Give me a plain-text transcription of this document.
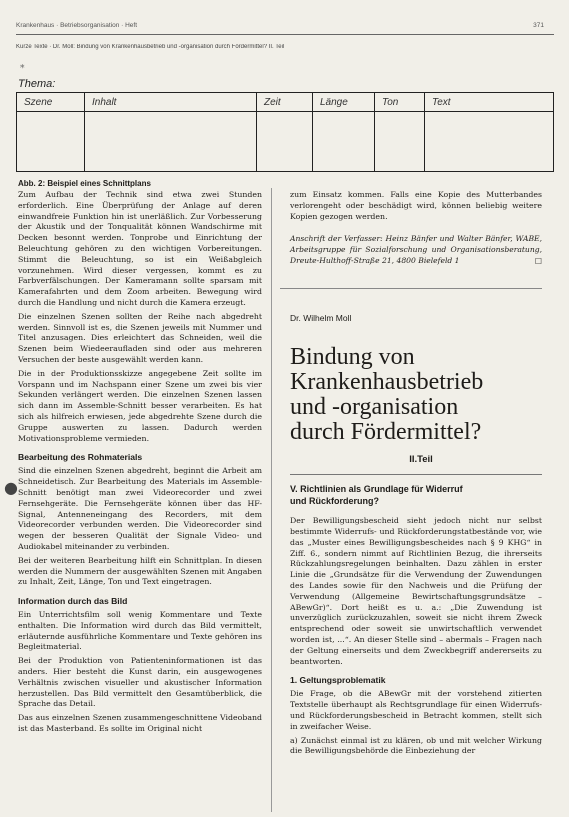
Krankenhaus · Betriebsorganisation · Heft	371
Kurze Texte · Dr. Moll: Bindung von Krankenhausbetrieb und -organisation durch Fördermittel? II. Teil
*
Thema:
Szene	Inhalt	Zeit	Länge	Ton	Text

Abb. 2: Beispiel eines Schnittplans

Zum Aufbau der Technik sind etwa zwei Stunden erforderlich. Eine Überprüfung der Anlage auf deren einwandfreie Funktion hin ist unerläßlich. Zur Vorbesserung der Akustik und der Tonqualität können Wandschirme mit Decken besonnt werden. Tonprobe und Einrichtung der Beleuchtung gehören zu den wichtigen Vorbereitungen. Stimmt die Beleuchtung, so ist ein Weißabgleich vorzunehmen. Wird dieser vergessen, kommt es zu Farbverfälschungen. Der Kameramann sollte sparsam mit Kamerafahrten und dem Zoom arbeiten. Bewegung wird durch die Handlung und nicht durch die Kamera erzeugt.

Die einzelnen Szenen sollten der Reihe nach abgedreht werden. Sinnvoll ist es, die Szenen jeweils mit Nummer und Titel anzusagen. Dies erleichtert das Schneiden, weil die Szenen beim Wiedeeraufladen sind oder aus mehreren Versuchen der beste ausgewählt werden kann.

Die in der Produktionsskizze angegebene Zeit sollte im Vorspann und im Nachspann einer Szene um zwei bis vier Sekunden verlängert werden. Die einzelnen Szenen lassen sich dann im Assemble-Schnitt besser verarbeiten. Es hat sich als hilfreich erwiesen, jede abgedrehte Szene durch die Gruppe auswerten zu lassen. Dadurch werden Motivationsprobleme vermieden.

Bearbeitung des Rohmaterials

Sind die einzelnen Szenen abgedreht, beginnt die Arbeit am Schneidetisch. Zur Bearbeitung des Materials im Assemble-Schnitt benötigt man zwei Videorecorder und zwei Fernsehgeräte. Die Fernsehgeräte können über das HF-Signal, Antenneneingang des Recorders, mit dem Videorecorder verbunden werden. Die Videorecorder sind wegen der besseren Qualität der Signale Video- und Audiokabel miteinander zu verbinden.

Bei der weiteren Bearbeitung hilft ein Schnittplan. In diesen werden die Nummern der ausgewählten Szenen mit Angaben zu Inhalt, Zeit, Länge, Ton und Text eingetragen.

Information durch das Bild

Ein Unterrichtsfilm soll wenig Kommentare und Texte enthalten. Die Information wird durch das Bild vermittelt, erläuternde ausführliche Kommentare und Texte gehören ins Begleitmaterial.

Bei der Produktion von Patienteninformationen ist das anders. Hier besteht die Kunst darin, ein ausgewogenes Verhältnis zwischen visueller und akustischer Information herzustellen. Das Bild vermittelt den Gesamtüberblick, die Sprache das Detail.

Das aus einzelnen Szenen zusammengeschnittene Videoband ist das Masterband. Es sollte im Original nicht

●

zum Einsatz kommen. Falls eine Kopie des Mutterbandes verlorengeht oder beschädigt wird, können beliebig weitere Kopien gezogen werden.

Anschrift der Verfasser: Heinz Bänfer und Walter Bänfer, WABE, Arbeitsgruppe für Sozialforschung und Organisationsberatung, Dreute-Hulthoff-Straße 21, 4800 Bielefeld 1	□
Dr. Wilhelm Moll
Bindung von
Krankenhausbetrieb
und -organisation
durch Fördermittel?
II.Teil
V. Richtlinien als Grundlage für Widerruf
und Rückforderung?

Der Bewilligungsbescheid sieht jedoch nicht nur selbst bestimmte Widerrufs- und Rückforderungstatbestände vor, wie das „Muster eines Bewilligungsbescheides nach § 9 KHG“ in Ziff. 6., sondern nimmt auf Richtlinien Bezug, die ihrerseits Rückzahlungsregelungen beinhalten. Dazu zählen in erster Linie die „Grundsätze für die Verwendung der Zuwendungen des Landes sowie für den Nachweis und die Prüfung der Verwendung (Allgemeine Bewirtschaftungsgrundsätze – ABewGr)“. Dort heißt es u. a.: „Die Zuwendung ist unverzüglich zurückzuzahlen, soweit sie nicht ihrem Zweck entsprechend oder soweit sie unwirtschaftlich verwendet worden ist, ...“. An dieser Stelle sind – abermals – Fragen nach der Geltung einerseits und dem Zweckbegriff andererseits zu beantworten.

1. Geltungsproblematik

Die Frage, ob die ABewGr mit der vorstehend zitierten Textstelle überhaupt als Rechtsgrundlage für einen Widerrufs- und Rückforderungsbescheid in Betracht kommen, stellt sich in zweifacher Weise.

a) Zunächst einmal ist zu klären, ob und mit welcher Wirkung die Bewilligungsbehörde die Einbeziehung der
